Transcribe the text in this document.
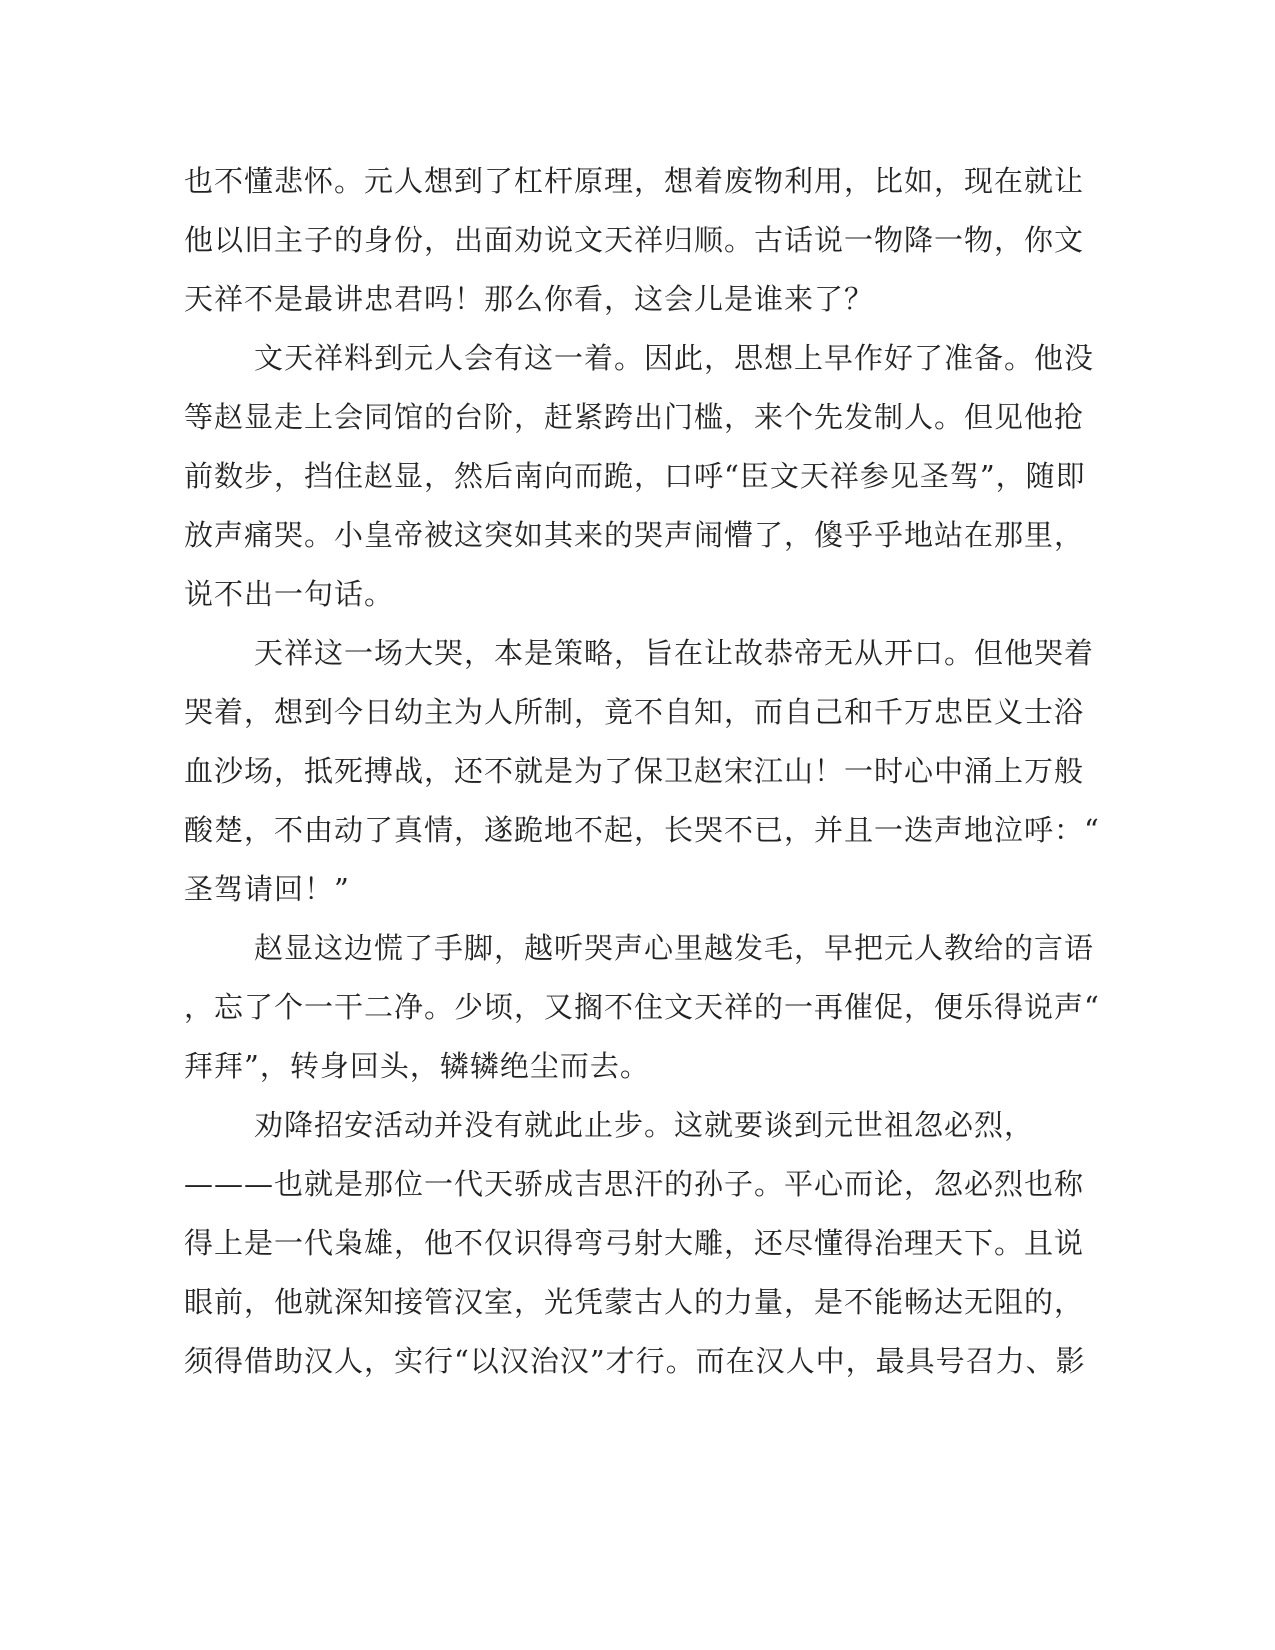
也不懂悲怀。元人想到了杠杆原理，想着废物利用，比如，现在就让
他以旧主子的身份，出面劝说文天祥归顺。古话说一物降一物，你文
天祥不是最讲忠君吗！那么你看，这会儿是谁来了？
文天祥料到元人会有这一着。因此，思想上早作好了准备。他没
等赵显走上会同馆的台阶，赶紧跨出门槛，来个先发制人。但见他抢
前数步，挡住赵显，然后南向而跪，口呼“臣文天祥参见圣驾”，随即
放声痛哭。小皇帝被这突如其来的哭声闹懵了，傻乎乎地站在那里，
说不出一句话。
天祥这一场大哭，本是策略，旨在让故恭帝无从开口。但他哭着
哭着，想到今日幼主为人所制，竟不自知，而自己和千万忠臣义士浴
血沙场，抵死搏战，还不就是为了保卫赵宋江山！一时心中涌上万般
酸楚，不由动了真情，遂跪地不起，长哭不已，并且一迭声地泣呼：“
圣驾请回！”
赵显这边慌了手脚，越听哭声心里越发毛，早把元人教给的言语
，忘了个一干二净。少顷，又搁不住文天祥的一再催促，便乐得说声“
拜拜”，转身回头，辚辚绝尘而去。
劝降招安活动并没有就此止步。这就要谈到元世祖忽必烈，
———也就是那位一代天骄成吉思汗的孙子。平心而论，忽必烈也称
得上是一代枭雄，他不仅识得弯弓射大雕，还尽懂得治理天下。且说
眼前，他就深知接管汉室，光凭蒙古人的力量，是不能畅达无阻的，
须得借助汉人，实行“以汉治汉”才行。而在汉人中，最具号召力、影
